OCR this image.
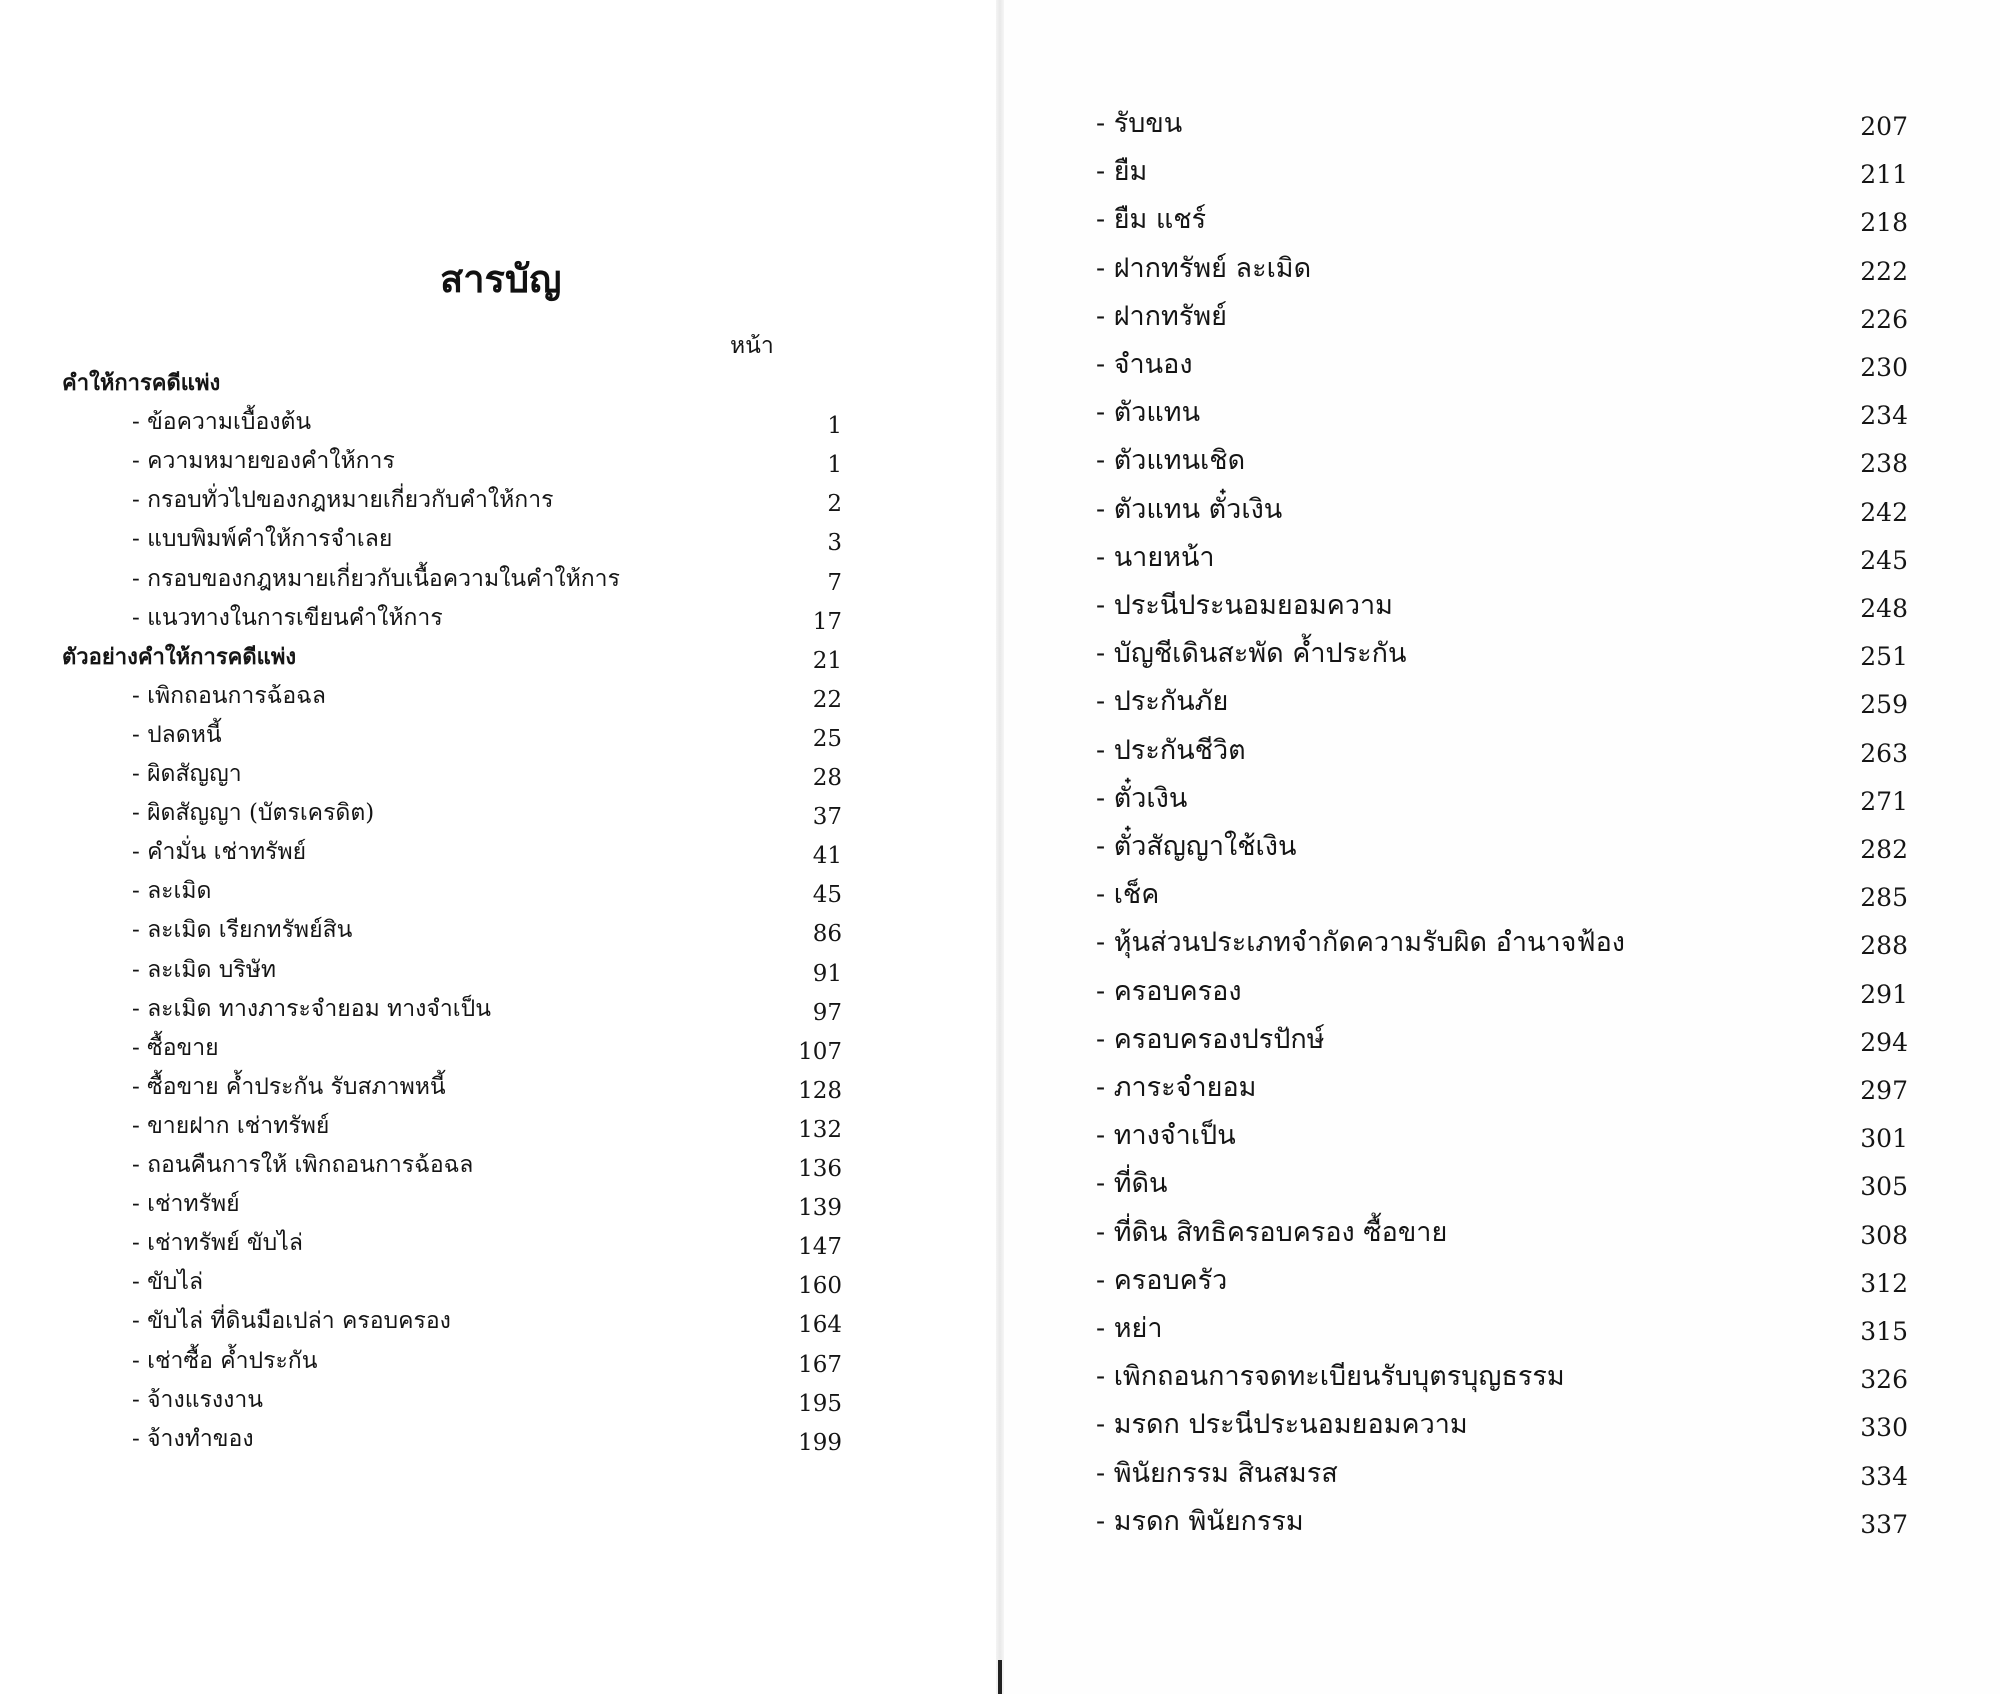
สารบัญ
หน้า
คำให้การคดีแพ่ง
- ข้อความเบื้องต้น	1
- ความหมายของคำให้การ	1
- กรอบทั่วไปของกฎหมายเกี่ยวกับคำให้การ	2
- แบบพิมพ์คำให้การจำเลย	3
- กรอบของกฎหมายเกี่ยวกับเนื้อความในคำให้การ	7
- แนวทางในการเขียนคำให้การ	17
ตัวอย่างคำให้การคดีแพ่ง	21
- เพิกถอนการฉ้อฉล	22
- ปลดหนี้	25
- ผิดสัญญา	28
- ผิดสัญญา (บัตรเครดิต)	37
- คำมั่น เช่าทรัพย์	41
- ละเมิด	45
- ละเมิด เรียกทรัพย์สิน	86
- ละเมิด บริษัท	91
- ละเมิด ทางภาระจำยอม ทางจำเป็น	97
- ซื้อขาย	107
- ซื้อขาย ค้ำประกัน รับสภาพหนี้	128
- ขายฝาก เช่าทรัพย์	132
- ถอนคืนการให้ เพิกถอนการฉ้อฉล	136
- เช่าทรัพย์	139
- เช่าทรัพย์ ขับไล่	147
- ขับไล่	160
- ขับไล่ ที่ดินมือเปล่า ครอบครอง	164
- เช่าซื้อ ค้ำประกัน	167
- จ้างแรงงาน	195
- จ้างทำของ	199
- รับขน	207
- ยืม	211
- ยืม แชร์	218
- ฝากทรัพย์ ละเมิด	222
- ฝากทรัพย์	226
- จำนอง	230
- ตัวแทน	234
- ตัวแทนเชิด	238
- ตัวแทน ตั๋วเงิน	242
- นายหน้า	245
- ประนีประนอมยอมความ	248
- บัญชีเดินสะพัด ค้ำประกัน	251
- ประกันภัย	259
- ประกันชีวิต	263
- ตั๋วเงิน	271
- ตั๋วสัญญาใช้เงิน	282
- เช็ค	285
- หุ้นส่วนประเภทจำกัดความรับผิด อำนาจฟ้อง	288
- ครอบครอง	291
- ครอบครองปรปักษ์	294
- ภาระจำยอม	297
- ทางจำเป็น	301
- ที่ดิน	305
- ที่ดิน สิทธิครอบครอง ซื้อขาย	308
- ครอบครัว	312
- หย่า	315
- เพิกถอนการจดทะเบียนรับบุตรบุญธรรม	326
- มรดก ประนีประนอมยอมความ	330
- พินัยกรรม สินสมรส	334
- มรดก พินัยกรรม	337
